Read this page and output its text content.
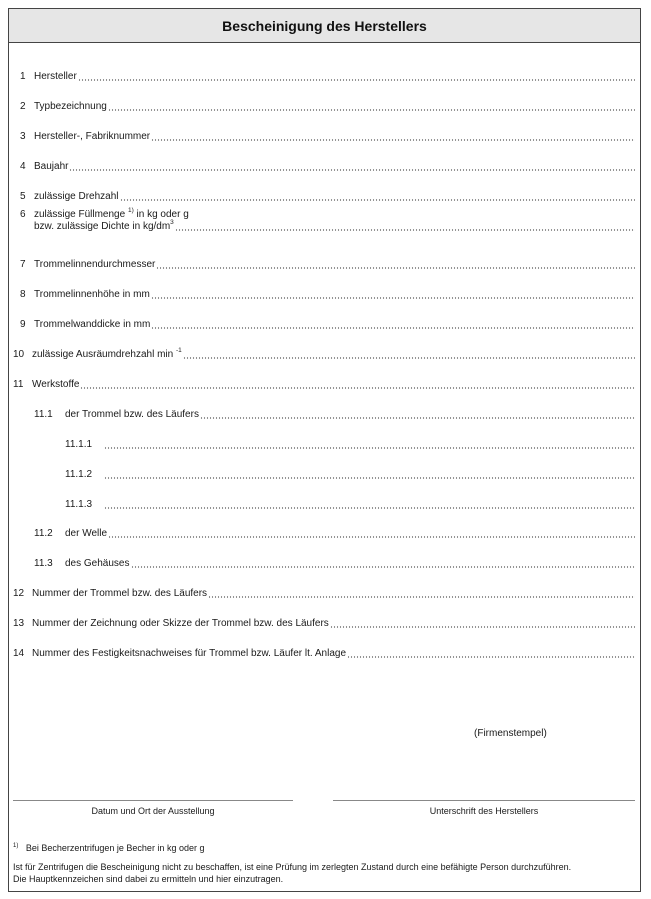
Bescheinigung des Herstellers
1 Hersteller
2 Typbezeichnung
3 Hersteller-, Fabriknummer
4 Baujahr
5 zulässige Drehzahl
6 zulässige Füllmenge $^{1)}$ in kg oder g
bzw. zulässige Dichte in $kg/dm^3$
7 Trommelinnendurchmesser
8 Trommelinnenhöhe in mm
9 Trommelwanddicke in mm
10 zulässige Ausräumdrehzahl min $^{-1}$
11 Werkstoffe
11.1	der Trommel bzw. des Läufers
11.1.1
11.1.2
11.1.3
11.2	der Welle
11.3	des Gehäuses
12 Nummer der Trommel bzw. des Läufers
13 Nummer der Zeichnung oder Skizze der Trommel bzw. des Läufers
14 Nummer des Festigkeitsnachweises für Trommel bzw. Läufer lt. Anlage
(Firmenstempel)
Datum und Ort der Ausstellung	Unterschrift des Herstellers
$^{1)}$ Bei Becherzentrifugen je Becher in kg oder g
Ist für Zentrifugen die Bescheinigung nicht zu beschaffen, ist eine Prüfung im zerlegten Zustand durch eine befähigte Person durchzuführen.
Die Hauptkennzeichen sind dabei zu ermitteln und hier einzutragen.
